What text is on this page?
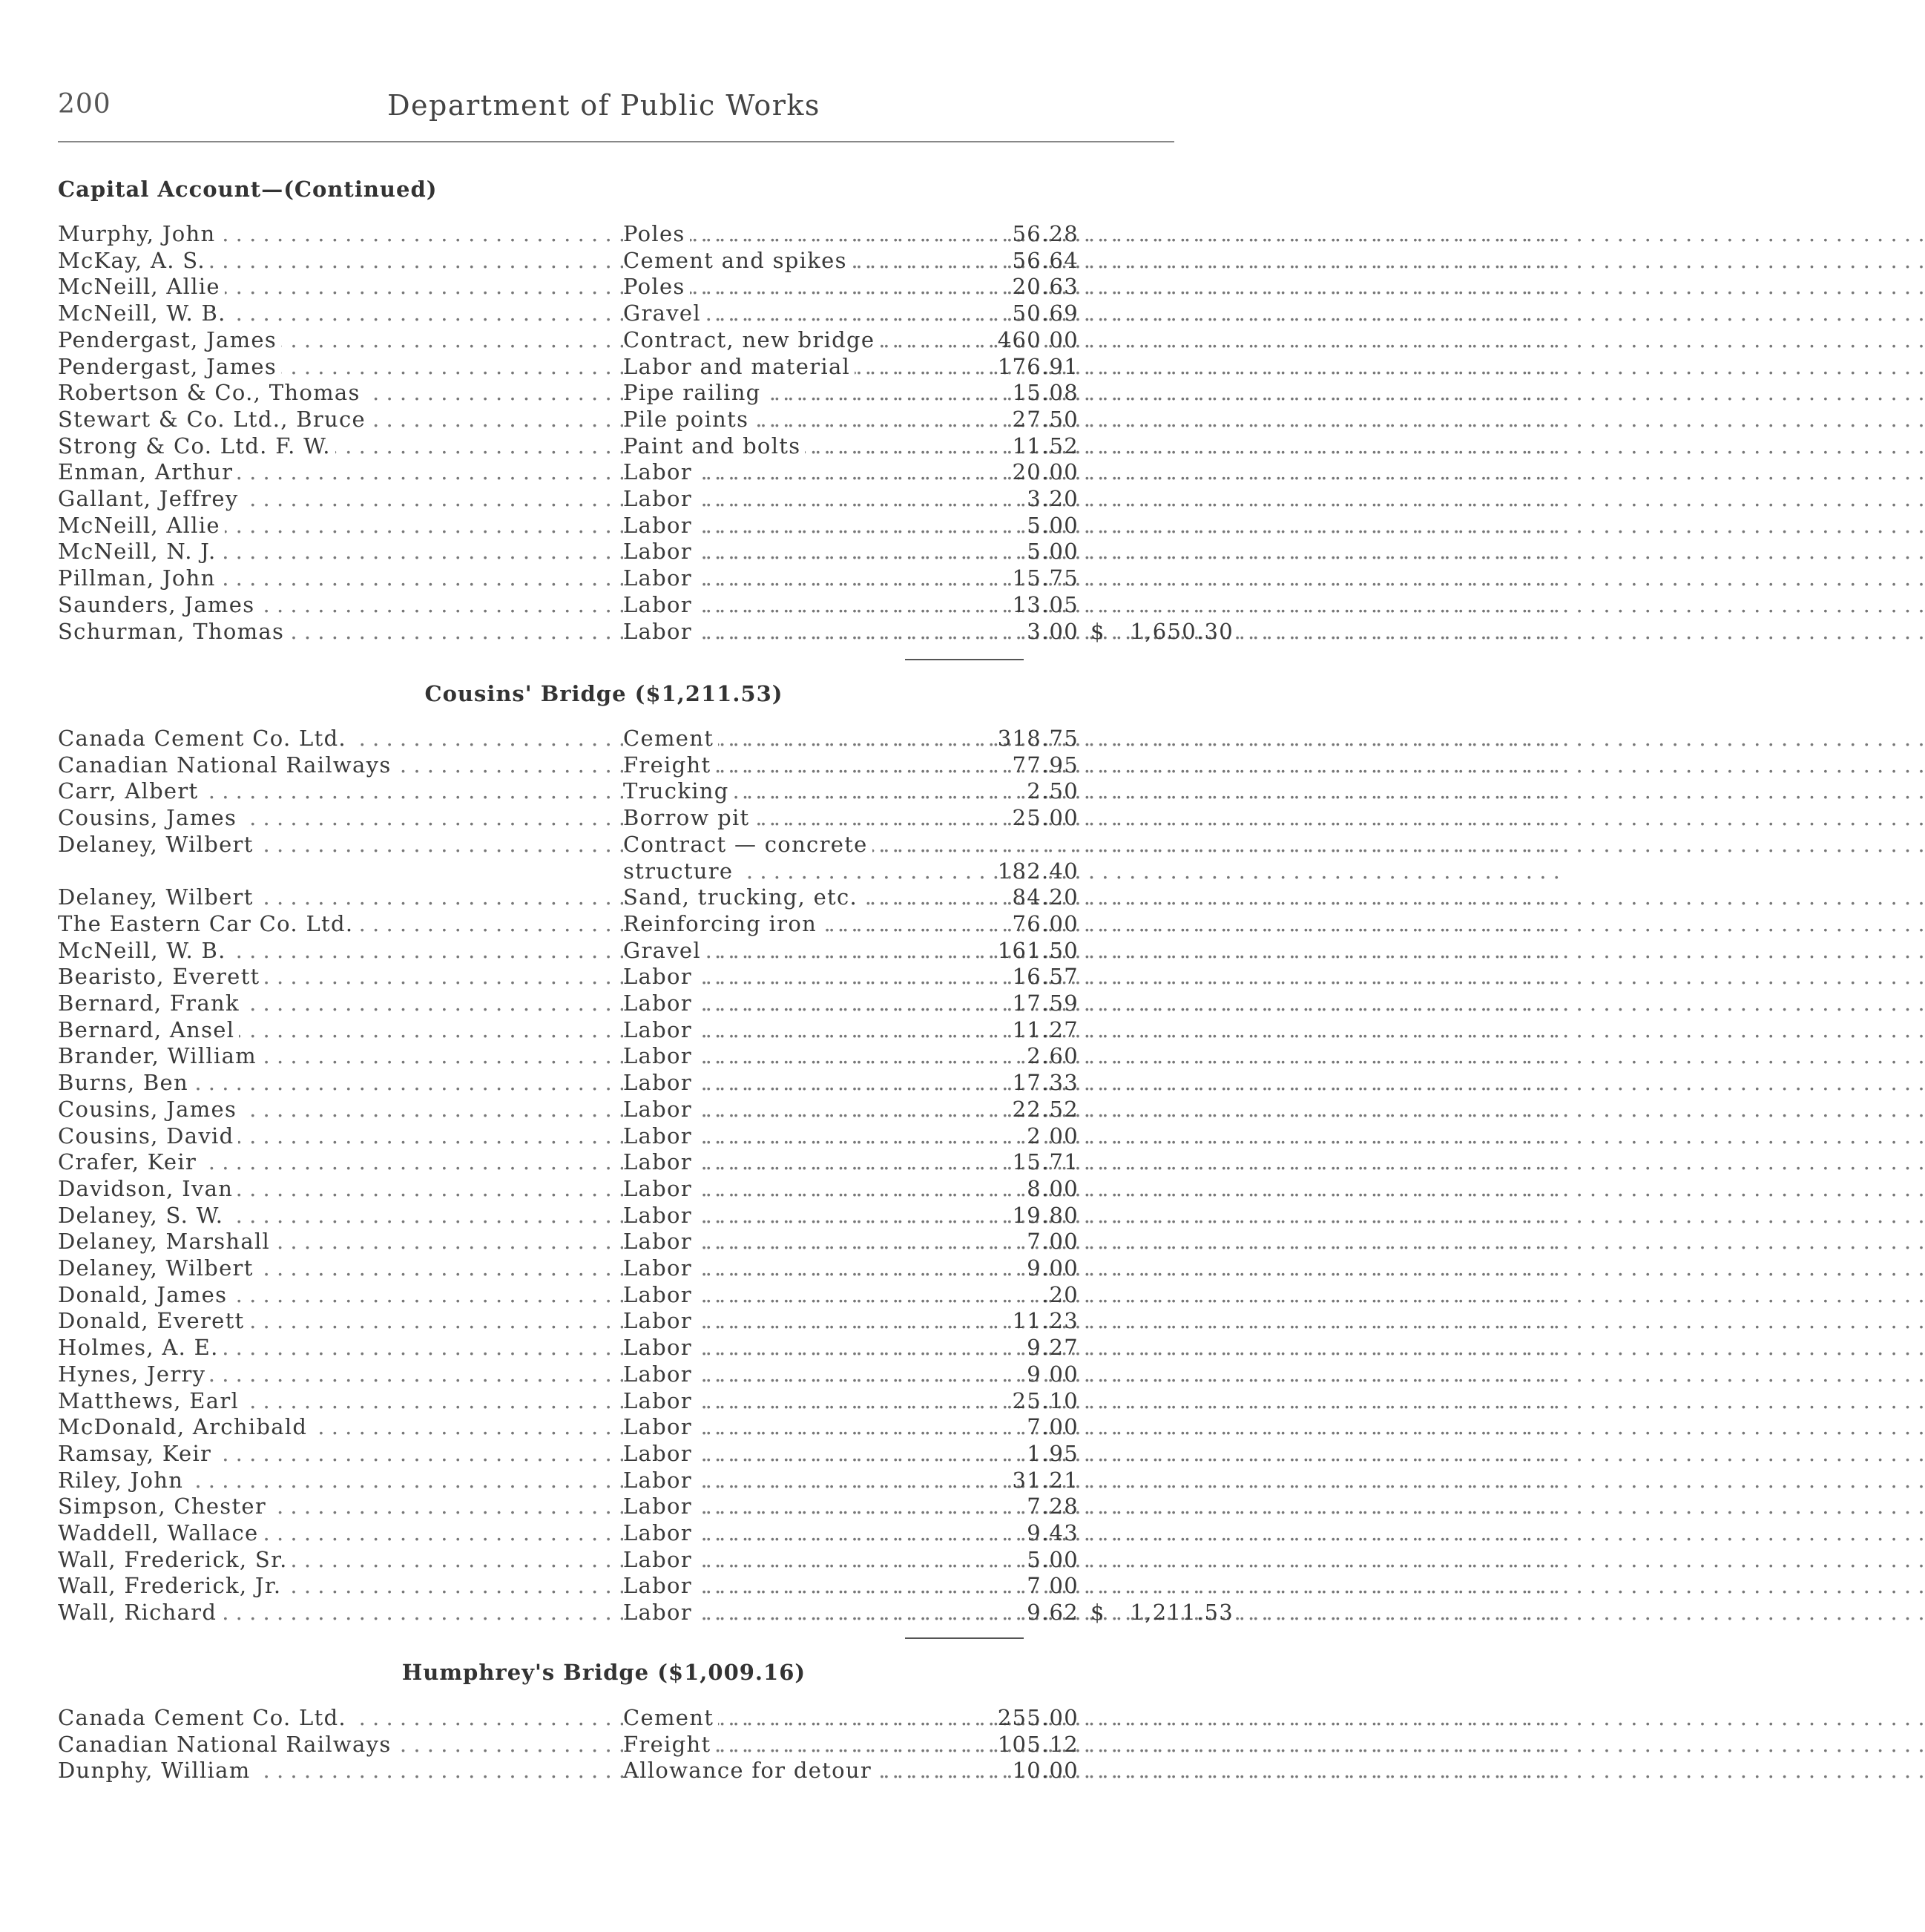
200	Department of Public Works
Capital Account—(Continued)
. . .
Murphy, John . . .	Poles	56.28
. . .
McKay, A. S. . . .	Cement and spikes	56.64
. . .
McNeill, Allie . . .	Poles	20.63
. . .
McNeill, W. B. . . .	Gravel	50.69
. . .
Pendergast, James . . .	Contract, new bridge	460 00
. . .
Pendergast, James . . .	Labor and material	176.91
. . .
Robertson & Co., Thomas . . .	Pipe railing	15.08
. . .
Stewart & Co. Ltd., Bruce . . .	Pile points	27.50
. . .
Strong & Co. Ltd. F. W. . . .	Paint and bolts	11.52
. . .
Enman, Arthur . . .	Labor	20.00
. . .
Gallant, Jeffrey . . .	Labor	3.20
. . .
McNeill, Allie . . .	Labor	5.00
. . .
McNeill, N. J. . . .	Labor	5.00
. . .
Pillman, John . . .	Labor	15.75
. . .
Saunders, James . . .	Labor	13.05
. . .
Schurman, Thomas . . .	Labor	3.00 $	1,650.30
Cousins' Bridge ($1,211.53)
. . .
Canada Cement Co. Ltd. . . .	Cement	318.75
. . .
Canadian National Railways . . .	Freight	77.95
. . .
Carr, Albert . . .	Trucking	2.50
. . .
Cousins, James . . .	Borrow pit	25.00
. . .
Delaney, Wilbert . . .	Contract — concrete
. . .
structure	182.40
. . .
Delaney, Wilbert . . .	Sand, trucking, etc.	84.20
. . .
The Eastern Car Co. Ltd. . . .	Reinforcing iron	76.00
. . .
McNeill, W. B. . . .	Gravel	161.50
. . .
Bearisto, Everett . . .	Labor	16.57
. . .
Bernard, Frank . . .	Labor	17.59
. . .
Bernard, Ansel . . .	Labor	11.27
. . .
Brander, William . . .	Labor	2.60
. . .
Burns, Ben . . .	Labor	17.33
. . .
Cousins, James . . .	Labor	22.52
. . .
Cousins, David . . .	Labor	2 00
. . .
Crafer, Keir . . .	Labor	15.71
. . .
Davidson, Ivan . . .	Labor	8.00
. . .
Delaney, S. W. . . .	Labor	19.80
. . .
Delaney, Marshall . . .	Labor	7.00
. . .
Delaney, Wilbert . . .	Labor	9.00
. . .
Donald, James . . .	Labor	.20
. . .
Donald, Everett . . .	Labor	11.23
. . .
Holmes, A. E. . . .	Labor	9.27
. . .
Hynes, Jerry . . .	Labor	9 00
. . .
Matthews, Earl . . .	Labor	25.10
. . .
McDonald, Archibald . . .	Labor	7.00
. . .
Ramsay, Keir . . .	Labor	1.95
. . .
Riley, John . . .	Labor	31.21
. . .
Simpson, Chester . . .	Labor	7.28
. . .
Waddell, Wallace . . .	Labor	9.43
. . .
Wall, Frederick, Sr. . . .	Labor	5.00
. . .
Wall, Frederick, Jr. . . .	Labor	7 00
. . .
Wall, Richard . . .	Labor	9.62 $	1,211.53
Humphrey's Bridge ($1,009.16)
. . .
Canada Cement Co. Ltd. . . .	Cement	255.00
. . .
Canadian National Railways . . .	Freight	105.12
. . .
Dunphy, William . . .	Allowance for detour	10.00
